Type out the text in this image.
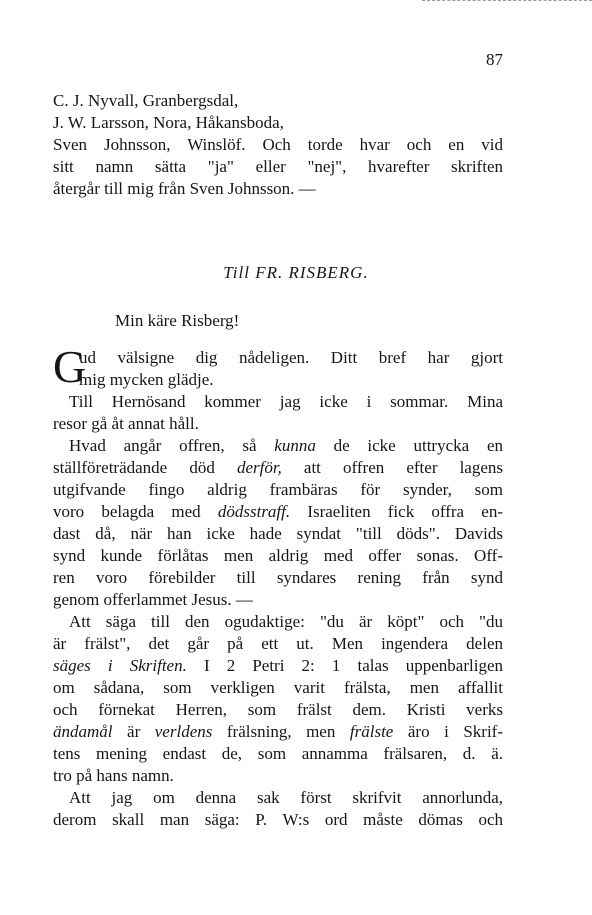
87
C. J. Nyvall, Granbergsdal,
J. W. Larsson, Nora, Håkansboda,
Sven Johnsson, Winslöf. Och torde hvar och en vid
sitt namn sätta "ja" eller "nej", hvarefter skriften
återgår till mig från Sven Johnsson. —
Till FR. RISBERG.
Min käre Risberg!
G
ud välsigne dig nådeligen. Ditt bref har gjort
mig mycken glädje.
Till Hernösand kommer jag icke i sommar. Mina
resor gå åt annat håll.
Hvad angår offren, så kunna de icke uttrycka en
ställföreträdande död derför, att offren efter lagens
utgifvande fingo aldrig frambäras för synder, som
voro belagda med dödsstraff. Israeliten fick offra en-
dast då, när han icke hade syndat "till döds". Davids
synd kunde förlåtas men aldrig med offer sonas. Off-
ren voro förebilder till syndares rening från synd
genom offerlammet Jesus. —
Att säga till den ogudaktige: "du är köpt" och "du
är frälst", det går på ett ut. Men ingendera delen
säges i Skriften. I 2 Petri 2: 1 talas uppenbarligen
om sådana, som verkligen varit frälsta, men affallit
och förnekat Herren, som frälst dem. Kristi verks
ändamål är verldens frälsning, men frälste äro i Skrif-
tens mening endast de, som annamma frälsaren, d. ä.
tro på hans namn.
Att jag om denna sak först skrifvit annorlunda,
derom skall man säga: P. W:s ord måste dömas och
